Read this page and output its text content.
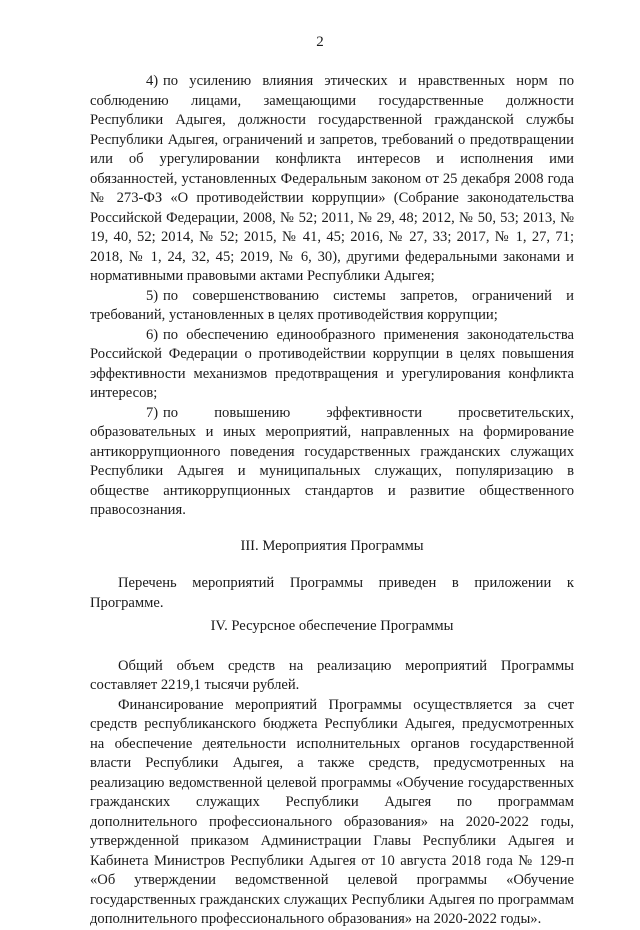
2

4) по усилению влияния этических и нравственных норм по соблюдению лицами, замещающими государственные должности Республики Адыгея, должности государственной гражданской службы Республики Адыгея, ограничений и запретов, требований о предотвращении или об урегулировании конфликта интересов и исполнения ими обязанностей, установленных Федеральным законом от 25 декабря 2008 года № 273-ФЗ «О противодействии коррупции» (Собрание законодательства Российской Федерации, 2008, № 52; 2011, № 29, 48; 2012, № 50, 53; 2013, № 19, 40, 52; 2014, № 52; 2015, № 41, 45; 2016, № 27, 33; 2017, № 1, 27, 71; 2018, № 1, 24, 32, 45; 2019, № 6, 30), другими федеральными законами и нормативными правовыми актами Республики Адыгея;

5) по совершенствованию системы запретов, ограничений и требований, установленных в целях противодействия коррупции;

6) по обеспечению единообразного применения законодательства Российской Федерации о противодействии коррупции в целях повышения эффективности механизмов предотвращения и урегулирования конфликта интересов;

7) по повышению эффективности просветительских, образовательных и иных мероприятий, направленных на формирование антикоррупционного поведения государственных гражданских служащих Республики Адыгея и муниципальных служащих, популяризацию в обществе антикоррупционных стандартов и развитие общественного правосознания.

III. Мероприятия Программы

Перечень мероприятий Программы приведен в приложении к Программе.

IV. Ресурсное обеспечение Программы

Общий объем средств на реализацию мероприятий Программы составляет 2219,1 тысячи рублей.

Финансирование мероприятий Программы осуществляется за счет средств республиканского бюджета Республики Адыгея, предусмотренных на обеспечение деятельности исполнительных органов государственной власти Республики Адыгея, а также средств, предусмотренных на реализацию ведомственной целевой программы «Обучение государственных гражданских служащих Республики Адыгея по программам дополнительного профессионального образования» на 2020-2022 годы, утвержденной приказом Администрации Главы Республики Адыгея и Кабинета Министров Республики Адыгея от 10 августа 2018 года № 129-п «Об утверждении ведомственной целевой программы «Обучение государственных гражданских служащих Республики Адыгея по программам дополнительного профессионального образования» на 2020-2022 годы».
